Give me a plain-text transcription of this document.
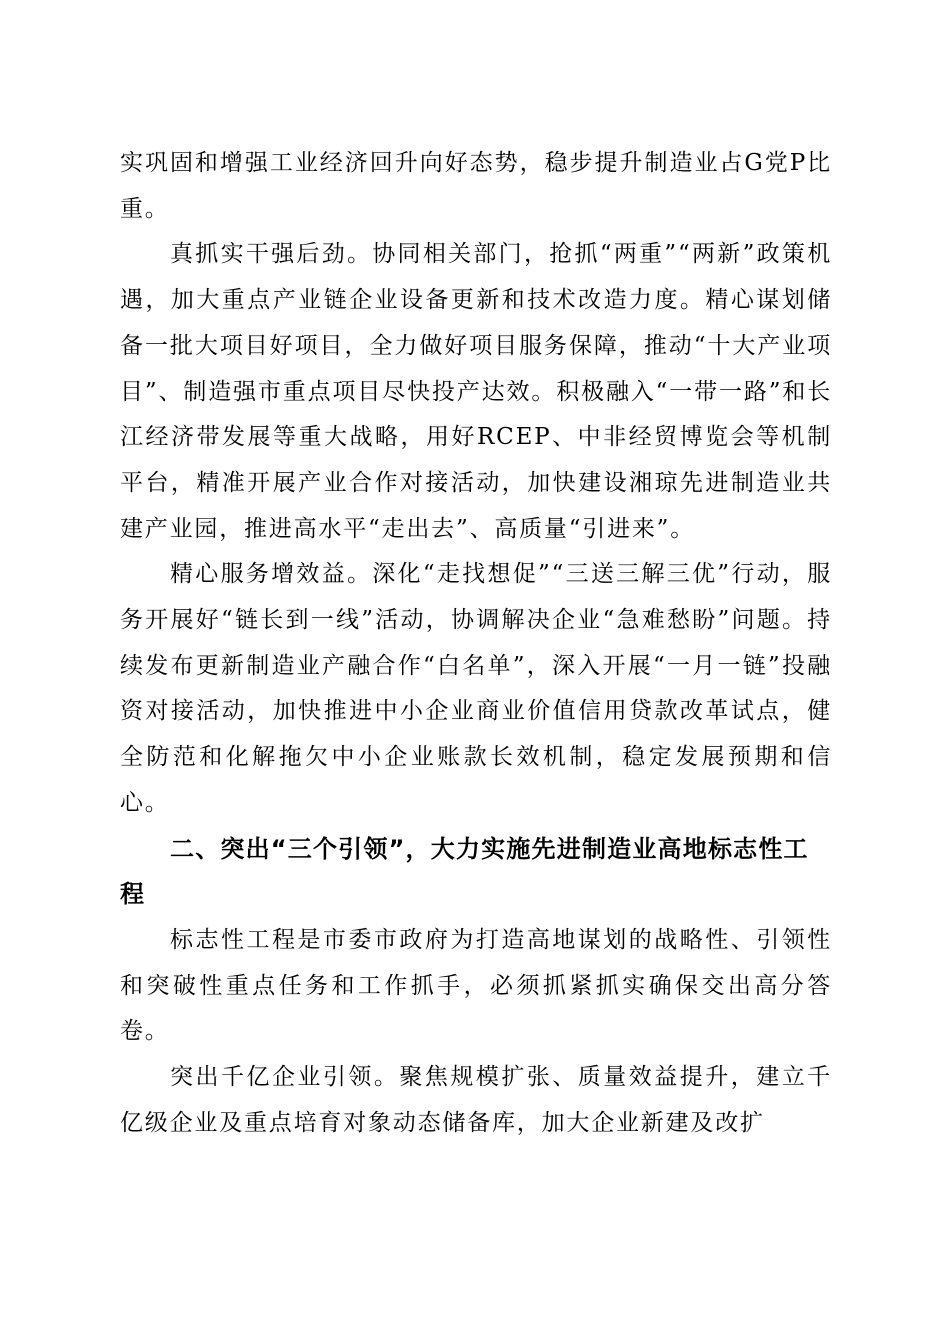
实巩固和增强工业经济回升向好态势，稳步提升制造业占G党P比重。

真抓实干强后劲。协同相关部门，抢抓“两重”“两新”政策机遇，加大重点产业链企业设备更新和技术改造力度。精心谋划储备一批大项目好项目，全力做好项目服务保障，推动“十大产业项目”、制造强市重点项目尽快投产达效。积极融入“一带一路”和长江经济带发展等重大战略，用好RCEP、中非经贸博览会等机制平台，精准开展产业合作对接活动，加快建设湘琼先进制造业共建产业园，推进高水平“走出去”、高质量“引进来”。

精心服务增效益。深化“走找想促”“三送三解三优”行动，服务开展好“链长到一线”活动，协调解决企业“急难愁盼”问题。持续发布更新制造业产融合作“白名单”，深入开展“一月一链”投融资对接活动，加快推进中小企业商业价值信用贷款改革试点，健全防范和化解拖欠中小企业账款长效机制，稳定发展预期和信心。

二、突出“三个引领”，大力实施先进制造业高地标志性工程

标志性工程是市委市政府为打造高地谋划的战略性、引领性和突破性重点任务和工作抓手，必须抓紧抓实确保交出高分答卷。

突出千亿企业引领。聚焦规模扩张、质量效益提升，建立千亿级企业及重点培育对象动态储备库，加大企业新建及改扩
